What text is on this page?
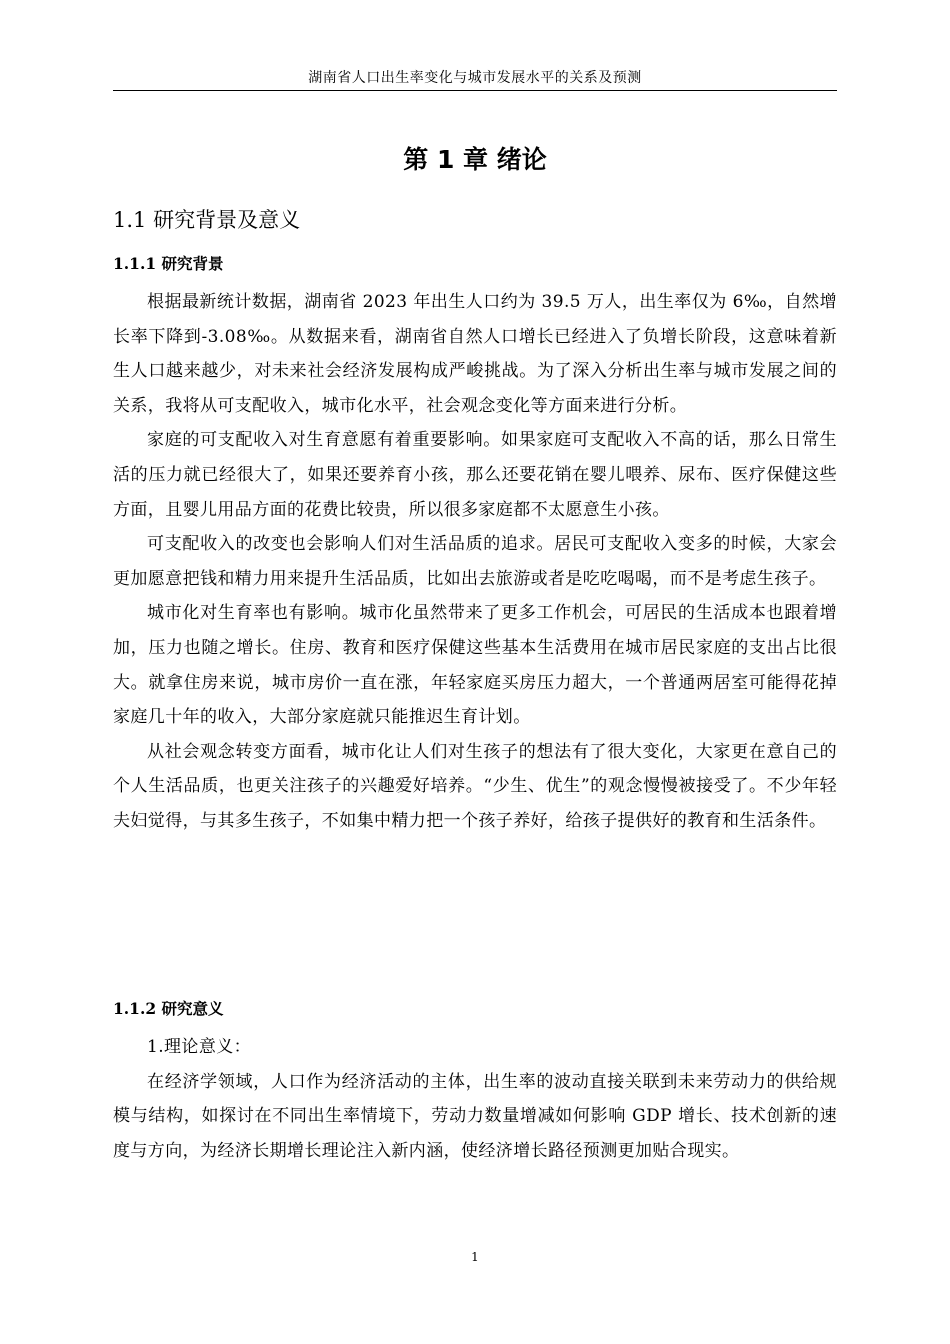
湖南省人口出生率变化与城市发展水平的关系及预测
第 1 章 绪论
1.1 研究背景及意义
1.1.1 研究背景

根据最新统计数据，湖南省 2023 年出生人口约为 39.5 万人，出生率仅为 6‰，自然增长率下降到-3.08‰。从数据来看，湖南省自然人口增长已经进入了负增长阶段，这意味着新生人口越来越少，对未来社会经济发展构成严峻挑战。为了深入分析出生率与城市发展之间的关系，我将从可支配收入，城市化水平，社会观念变化等方面来进行分析。

家庭的可支配收入对生育意愿有着重要影响。如果家庭可支配收入不高的话，那么日常生活的压力就已经很大了，如果还要养育小孩，那么还要花销在婴儿喂养、尿布、医疗保健这些方面，且婴儿用品方面的花费比较贵，所以很多家庭都不太愿意生小孩。

可支配收入的改变也会影响人们对生活品质的追求。居民可支配收入变多的时候，大家会更加愿意把钱和精力用来提升生活品质，比如出去旅游或者是吃吃喝喝，而不是考虑生孩子。

城市化对生育率也有影响。城市化虽然带来了更多工作机会，可居民的生活成本也跟着增加，压力也随之增长。住房、教育和医疗保健这些基本生活费用在城市居民家庭的支出占比很大。就拿住房来说，城市房价一直在涨，年轻家庭买房压力超大，一个普通两居室可能得花掉家庭几十年的收入，大部分家庭就只能推迟生育计划。

从社会观念转变方面看，城市化让人们对生孩子的想法有了很大变化，大家更在意自己的个人生活品质，也更关注孩子的兴趣爱好培养。“少生、优生”的观念慢慢被接受了。不少年轻夫妇觉得，与其多生孩子，不如集中精力把一个孩子养好，给孩子提供好的教育和生活条件。

1.1.2 研究意义

1.理论意义：

在经济学领域，人口作为经济活动的主体，出生率的波动直接关联到未来劳动力的供给规模与结构，如探讨在不同出生率情境下，劳动力数量增减如何影响 GDP 增长、技术创新的速度与方向，为经济长期增长理论注入新内涵，使经济增长路径预测更加贴合现实。

1
